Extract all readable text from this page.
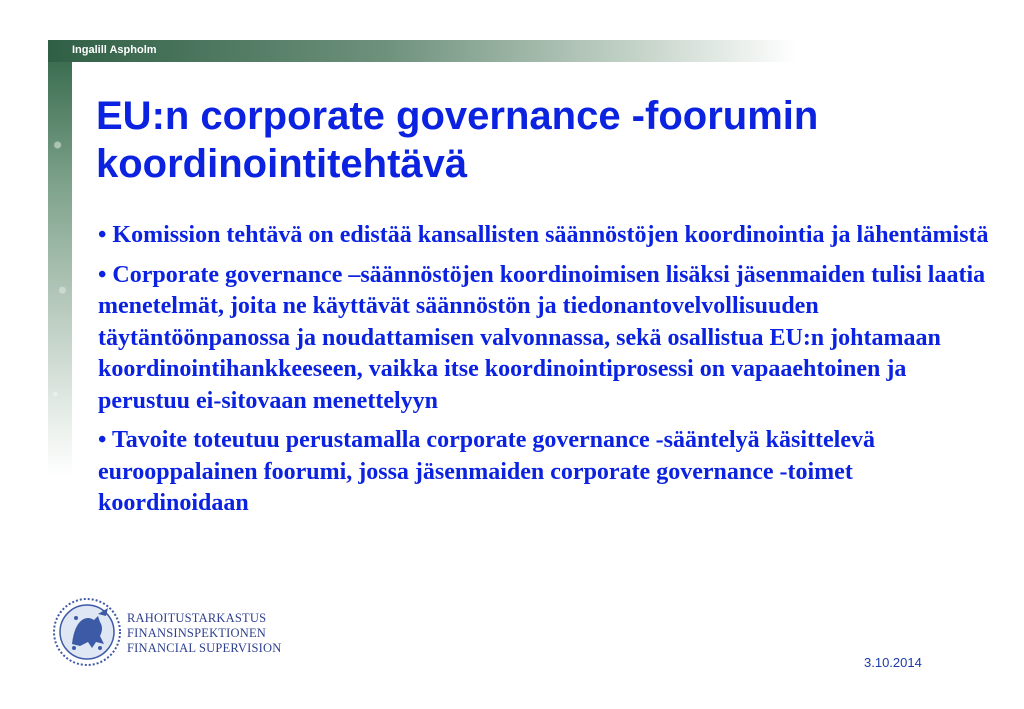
Ingalill Aspholm
EU:n corporate governance -foorumin koordinointitehtävä
• Komission tehtävä on edistää kansallisten säännöstöjen koordinointia ja lähentämistä
• Corporate governance –säännöstöjen koordinoimisen lisäksi jäsenmaiden tulisi laatia menetelmät, joita ne käyttävät säännöstön ja tiedonantovelvollisuuden täytäntöönpanossa ja noudattamisen valvonnassa, sekä osallistua EU:n johtamaan koordinointihankkeeseen, vaikka itse koordinointiprosessi on vapaaehtoinen ja perustuu ei-sitovaan menettelyyn
• Tavoite toteutuu perustamalla corporate governance -sääntelyä käsittelevä eurooppalainen foorumi, jossa jäsenmaiden corporate governance -toimet koordinoidaan
RAHOITUSTARKASTUS
FINANSINSPEKTIONEN
FINANCIAL SUPERVISION
3.10.2014
